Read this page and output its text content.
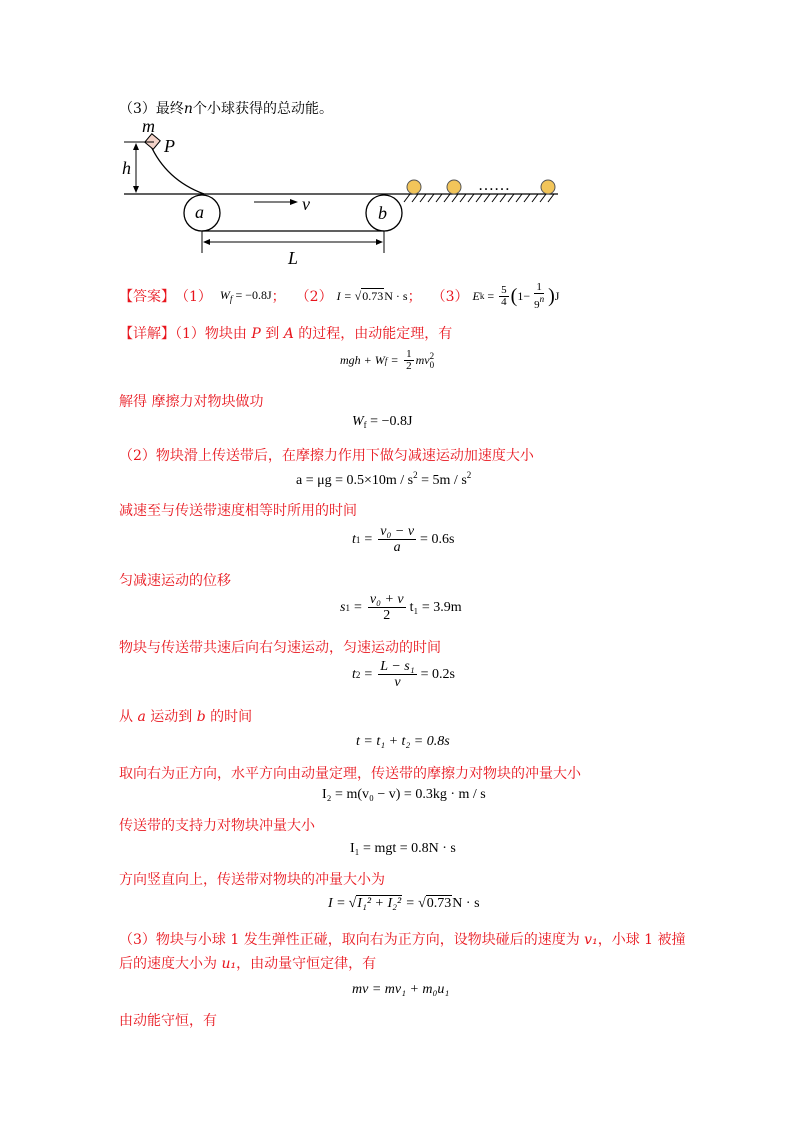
（3）最终n个小球获得的总动能。
m
P
h
a	b
v
L
……
【答案】 （1） $W_f = -0.8J$ ； （2） I = √0.73N · s ； （3） E $k = \frac{5}{4}$ ( $1- \frac{1}{9^n}$ ) J
【详解】（1）物块由 P 到 A 的过程，由动能定理，有
mgh + W $f = \frac{1}{2}$ mv 2
0
解得 摩擦力对物块做功
$W_f = -0.8J$
（2）物块滑上传送带后，在摩擦力作用下做匀减速运动加速度大小
$a = \mu g = 0.5\times 10m / s^2 = 5m / s^2$
减速至与传送带速度相等时所用的时间
t $1 = \frac{\text{v₀ − v}}{a} = 0.6s$
匀减速运动的位移
s $1 = \frac{\text{v₀ + v}}{2} t_1 = 3.9m$
物块与传送带共速后向右匀速运动，匀速运动的时间
t $2 = \frac{\text{L − s₁}}{v} = 0.2s$
从 a 运动到 b 的时间
t = t₁ + t₂ = 0.8s
取向右为正方向，水平方向由动量定理，传送带的摩擦力对物块的冲量大小
I₂ = m(v₀ − v) = 0.3kg · m / s
传送带的支持力对物块冲量大小
I₁ = mgt = 0.8N · s
方向竖直向上，传送带对物块的冲量大小为
I = √I₁² + I₂² = √0.73 N · s
（3）物块与小球 1 发生弹性正碰，取向右为正方向，设物块碰后的速度为 v₁，小球 1 被撞
后的速度大小为 u₁，由动量守恒定律，有
mv = mv₁ + m₀u₁
由动能守恒，有
